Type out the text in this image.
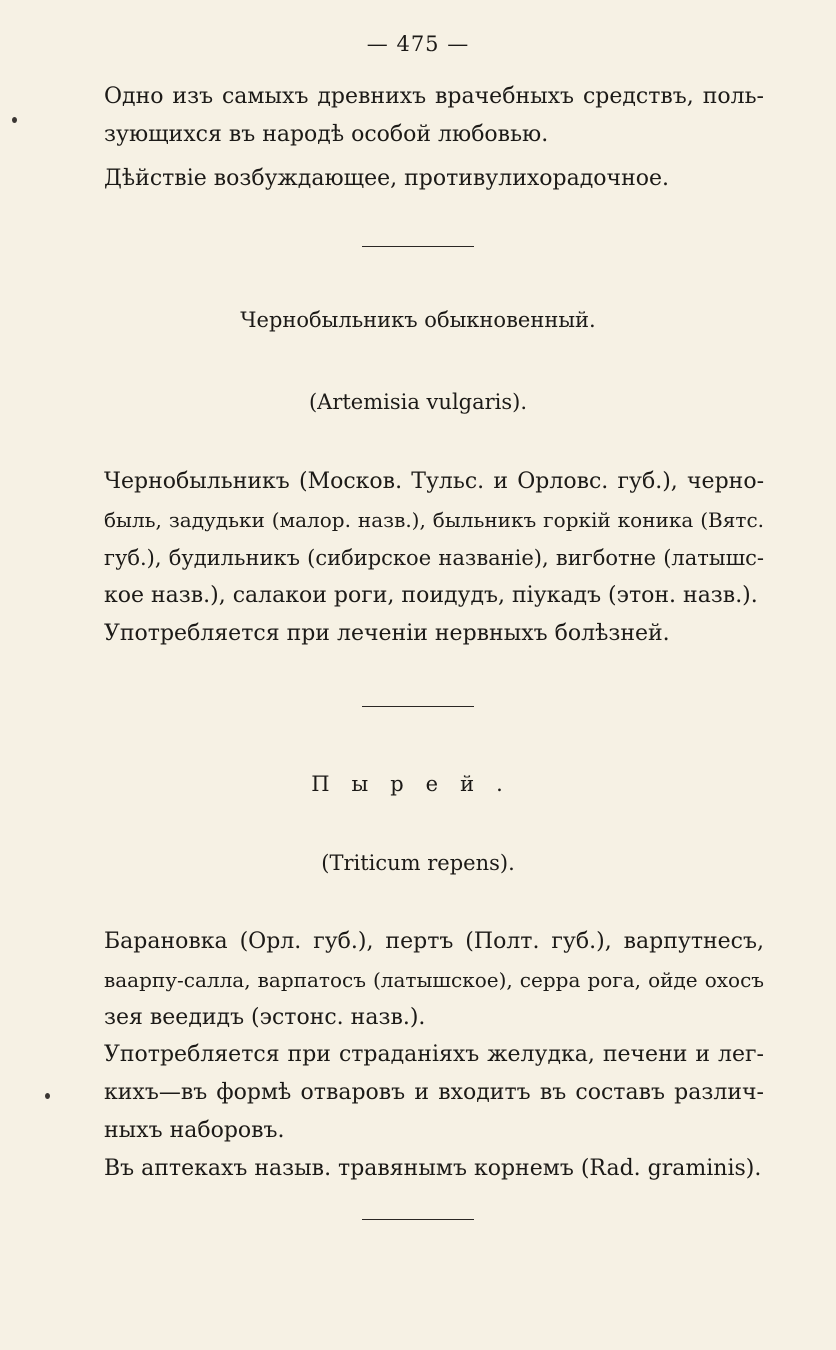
— 475 —
Одно изъ самыхъ древнихъ врачебныхъ средствъ, поль-
зующихся въ народѣ особой любовью.
Дѣйствіе возбуждающее, противулихорадочное.
Чернобыльникъ обыкновенный.
(Artemisia vulgaris).
Чернобыльникъ (Москов. Тульс. и Орловс. губ.), черно-
быль, задудьки (малор. назв.), быльникъ горкій коника (Вятс.
губ.), будильникъ (сибирское названіе), вигботне (латышс-
кое назв.), салакои роги, поидудъ, піукадъ (этон. назв.).
Употребляется при леченіи нервныхъ болѣзней.
Пырей.
(Triticum repens).
Барановка (Орл. губ.), пертъ (Полт. губ.), варпутнесъ,
ваарпу-салла, варпатосъ (латышское), серра рога, ойде охосъ
зея веедидъ (эстонс. назв.).
Употребляется при страданіяхъ желудка, печени и лег-
кихъ—въ формѣ отваровъ и входитъ въ составъ различ-
ныхъ наборовъ.
Въ аптекахъ назыв. травянымъ корнемъ (Rad. graminis).
